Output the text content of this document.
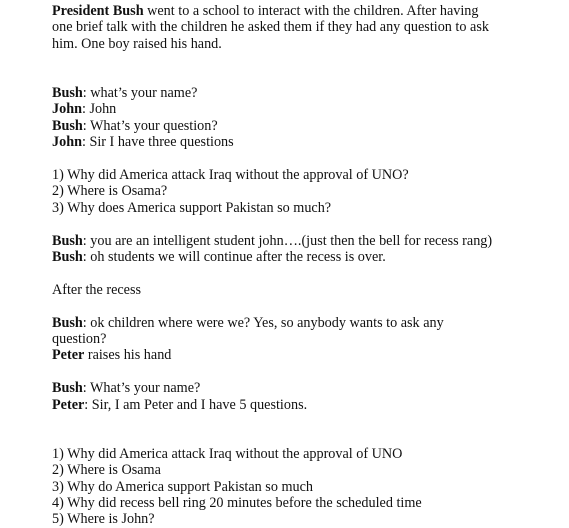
President Bush went to a school to interact with the children. After having
one brief talk with the children he asked them if they had any question to ask
him. One boy raised his hand.

Bush: what’s your name?

John: John

Bush: What’s your question?

John: Sir I have three questions

1) Why did America attack Iraq without the approval of UNO?

2) Where is Osama?

3) Why does America support Pakistan so much?

Bush: you are an intelligent student john….(just then the bell for recess rang)

Bush: oh students we will continue after the recess is over.

After the recess

Bush: ok children where were we? Yes, so anybody wants to ask any

question?

Peter raises his hand

Bush: What’s your name?

Peter: Sir, I am Peter and I have 5 questions.

1) Why did America attack Iraq without the approval of UNO

2) Where is Osama

3) Why do America support Pakistan so much

4) Why did recess bell ring 20 minutes before the scheduled time

5) Where is John?
